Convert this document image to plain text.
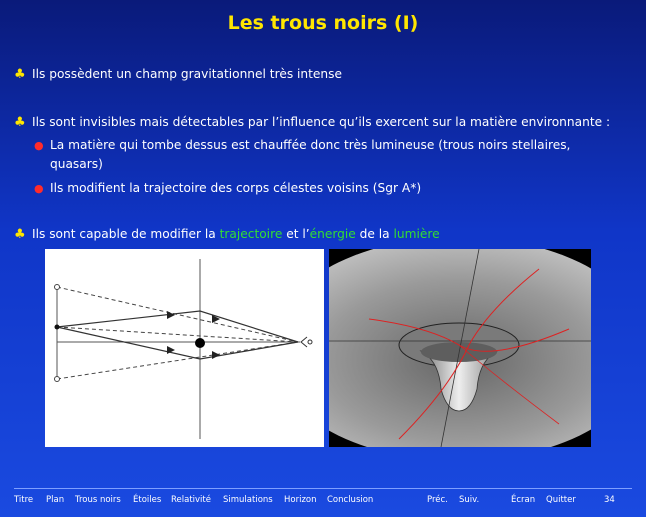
Les trous noirs (I)
♣ Ils possèdent un champ gravitationnel très intense
♣ Ils sont invisibles mais détectables par l’influence qu’ils exercent sur la matière environnante :
● La matière qui tombe dessus est chauffée donc très lumineuse (trous noirs stellaires, quasars)
● Ils modifient la trajectoire des corps célestes voisins (Sgr A*)
♣ Ils sont capable de modifier la trajectoire et l’énergie de la lumière
Titre Plan Trous noirs Étoiles Relativité Simulations Horizon Conclusion	Préc. Suiv.	Écran Quitter	34
